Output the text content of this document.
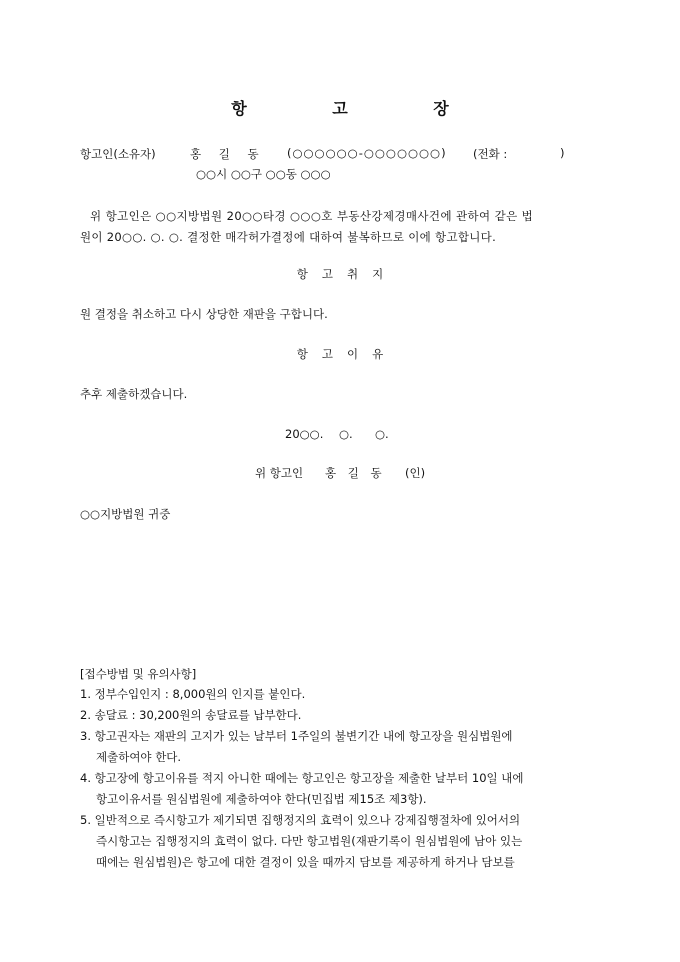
항 고 장
항고인(소유자)	홍 길 동 (○○○○○○-○○○○○○○) (전화 :	)
○○시 ○○구 ○○동 ○○○
위 항고인은 ○○지방법원 20○○타경 ○○○호 부동산강제경매사건에 관하여 같은 법
원이 20○○. ○. ○. 결정한 매각허가결정에 대하여 불복하므로 이에 항고합니다.
항고취지
원 결정을 취소하고 다시 상당한 재판을 구합니다.
항고이유
추후 제출하겠습니다.
20○○. ○. ○.
위 항고인 홍 길 동 (인)
○○지방법원 귀중
[접수방법 및 유의사항]
1. 정부수입인지 : 8,000원의 인지를 붙인다.
2. 송달료 : 30,200원의 송달료를 납부한다.
3. 항고권자는 재판의 고지가 있는 날부터 1주일의 불변기간 내에 항고장을 원심법원에
제출하여야 한다.
4. 항고장에 항고이유를 적지 아니한 때에는 항고인은 항고장을 제출한 날부터 10일 내에
항고이유서를 원심법원에 제출하여야 한다(민집법 제15조 제3항).
5. 일반적으로 즉시항고가 제기되면 집행정지의 효력이 있으나 강제집행절차에 있어서의
즉시항고는 집행정지의 효력이 없다. 다만 항고법원(재판기록이 원심법원에 남아 있는
때에는 원심법원)은 항고에 대한 결정이 있을 때까지 담보를 제공하게 하거나 담보를
